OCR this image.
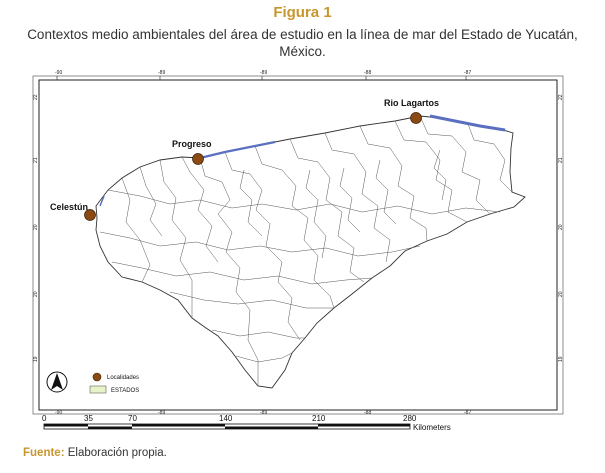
Figura 1
Contextos medio ambientales del área de estudio en la línea de mar del Estado de Yucatán, México.
-90	-89	-89	-88	-87
-90	-89	-89	-88	-87
22
21
20
20
19
22
21
20
20
19
Rio Lagartos
Progreso
Celestún
Localidades
ESTADOS
0	35	70	140	210	280
Kilometers
Fuente: Elaboración propia.
